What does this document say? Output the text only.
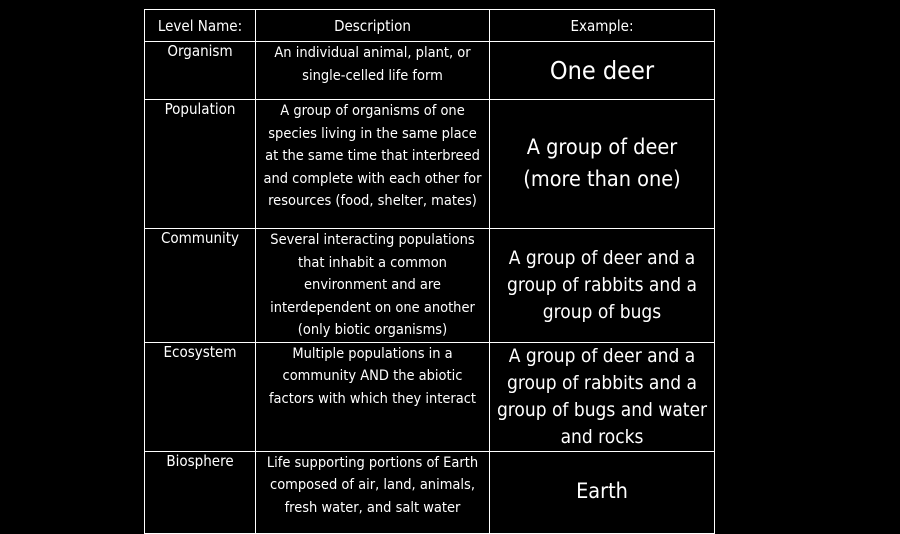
Level Name:	Description	Example:
Organism	An individual animal, plant, or single-celled life form	One deer
Population	A group of organisms of one species living in the same place at the same time that interbreed and complete with each other for resources (food, shelter, mates)	A group of deer (more than one)
Community	Several interacting populations that inhabit a common environment and are interdependent on one another (only biotic organisms)	A group of deer and a group of rabbits and a group of bugs
Ecosystem	Multiple populations in a community AND the abiotic factors with which they interact	A group of deer and a group of rabbits and a group of bugs and water and rocks
Biosphere	Life supporting portions of Earth composed of air, land, animals, fresh water, and salt water	Earth
